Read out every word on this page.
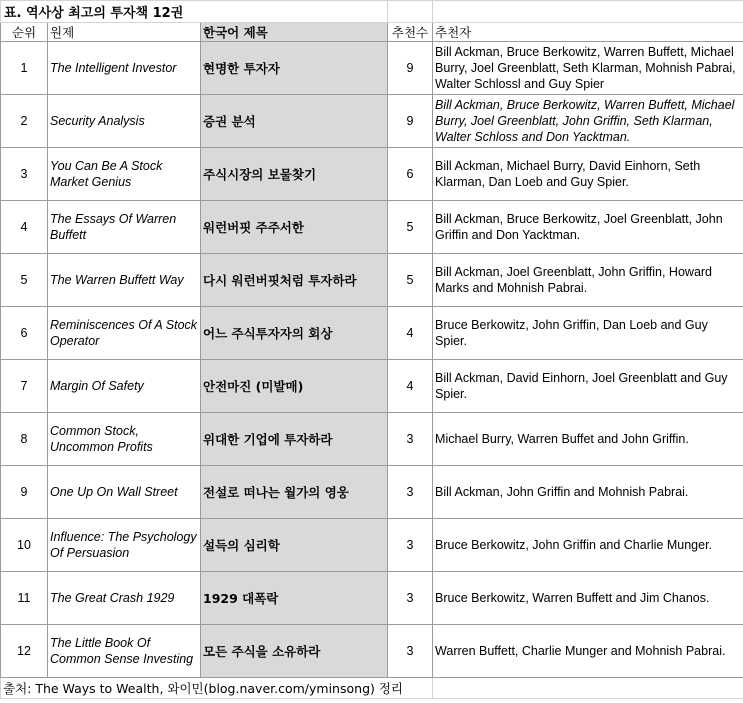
표. 역사상 최고의 투자책 12권				
순위	원제	한국어 제목	추천수	추천자
1	The Intelligent Investor	현명한 투자자	9	Bill Ackman, Bruce Berkowitz, Warren Buffett, Michael Burry, Joel Greenblatt, Seth Klarman, Mohnish Pabrai, Walter Schlossl and Guy Spier
2	Security Analysis	증권 분석	9	Bill Ackman, Bruce Berkowitz, Warren Buffett, Michael Burry, Joel Greenblatt, John Griffin, Seth Klarman, Walter Schloss and Don Yacktman.
3	You Can Be A Stock Market Genius	주식시장의 보물찾기	6	Bill Ackman, Michael Burry, David Einhorn, Seth Klarman, Dan Loeb and Guy Spier.
4	The Essays Of Warren Buffett	워런버핏 주주서한	5	Bill Ackman, Bruce Berkowitz, Joel Greenblatt, John Griffin and Don Yacktman.
5	The Warren Buffett Way	다시 워런버핏처럼 투자하라	5	Bill Ackman, Joel Greenblatt, John Griffin, Howard Marks and Mohnish Pabrai.
6	Reminiscences Of A Stock Operator	어느 주식투자자의 회상	4	Bruce Berkowitz, John Griffin, Dan Loeb and Guy Spier.
7	Margin Of Safety	안전마진 (미발매)	4	Bill Ackman, David Einhorn, Joel Greenblatt and Guy Spier.
8	Common Stock, Uncommon Profits	위대한 기업에 투자하라	3	Michael Burry, Warren Buffet and John Griffin.
9	One Up On Wall Street	전설로 떠나는 월가의 영웅	3	Bill Ackman, John Griffin and Mohnish Pabrai.
10	Influence: The Psychology Of Persuasion	설득의 심리학	3	Bruce Berkowitz, John Griffin and Charlie Munger.
11	The Great Crash 1929	1929 대폭락	3	Bruce Berkowitz, Warren Buffett and Jim Chanos.
12	The Little Book Of Common Sense Investing	모든 주식을 소유하라	3	Warren Buffett, Charlie Munger and Mohnish Pabrai.
출처: The Ways to Wealth, 와이민(blog.naver.com/yminsong) 정리				
